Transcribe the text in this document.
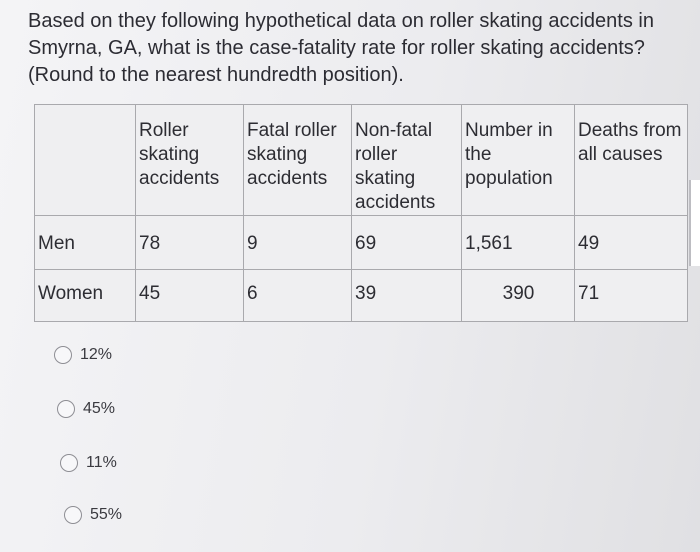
Based on they following hypothetical data on roller skating accidents in Smyrna, GA, what is the case-fatality rate for roller skating accidents? (Round to the nearest hundredth position).
	Roller skating accidents	Fatal roller skating accidents	Non-fatal roller skating accidents	Number in the population	Deaths from all causes
Men	78	9	69	1,561	49
Women	45	6	39	390	71
12%
45%
11%
55%
